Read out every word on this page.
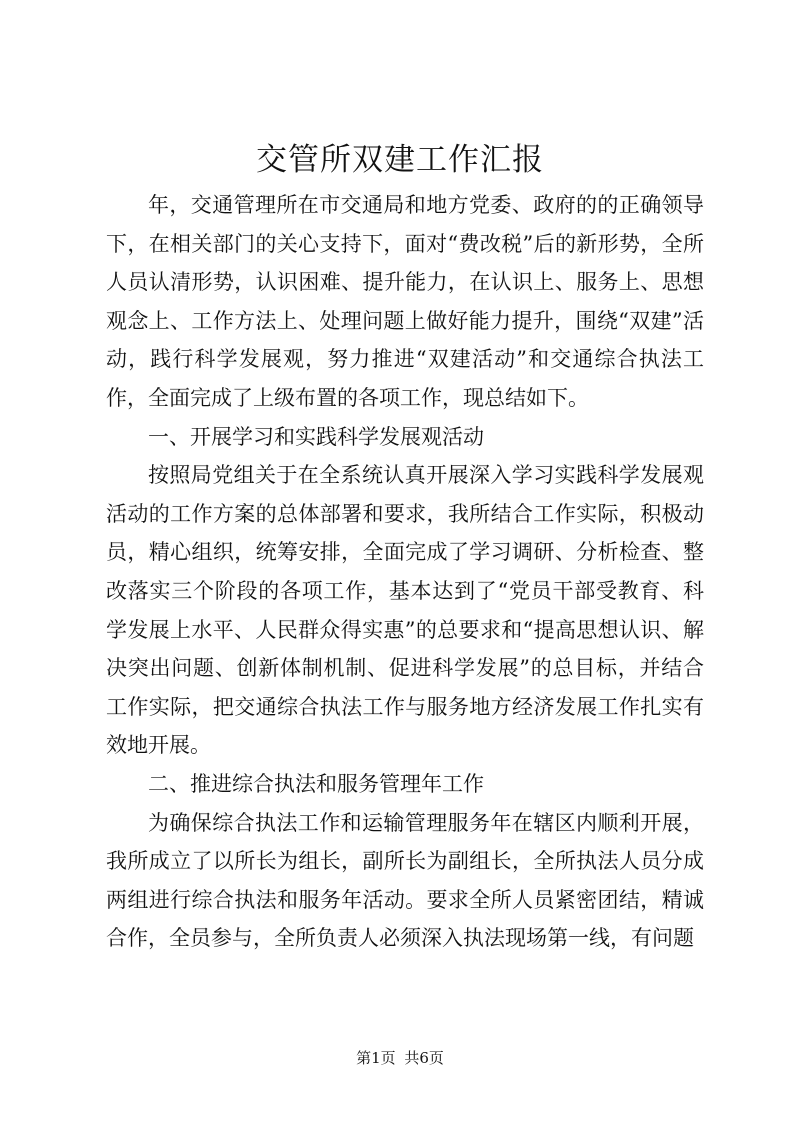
交管所双建工作汇报

年，交通管理所在市交通局和地方党委、政府的的正确领导下，在相关部门的关心支持下，面对“费改税”后的新形势，全所人员认清形势，认识困难、提升能力，在认识上、服务上、思想观念上、工作方法上、处理问题上做好能力提升，围绕“双建”活动，践行科学发展观，努力推进“双建活动”和交通综合执法工作，全面完成了上级布置的各项工作，现总结如下。

一、开展学习和实践科学发展观活动

按照局党组关于在全系统认真开展深入学习实践科学发展观活动的工作方案的总体部署和要求，我所结合工作实际，积极动员，精心组织，统筹安排，全面完成了学习调研、分析检查、整改落实三个阶段的各项工作，基本达到了“党员干部受教育、科学发展上水平、人民群众得实惠”的总要求和“提高思想认识、解决突出问题、创新体制机制、促进科学发展”的总目标，并结合工作实际，把交通综合执法工作与服务地方经济发展工作扎实有效地开展。

二、推进综合执法和服务管理年工作

为确保综合执法工作和运输管理服务年在辖区内顺利开展，我所成立了以所长为组长，副所长为副组长，全所执法人员分成两组进行综合执法和服务年活动。要求全所人员紧密团结，精诚合作，全员参与，全所负责人必须深入执法现场第一线，有问题

第1页 共6页
